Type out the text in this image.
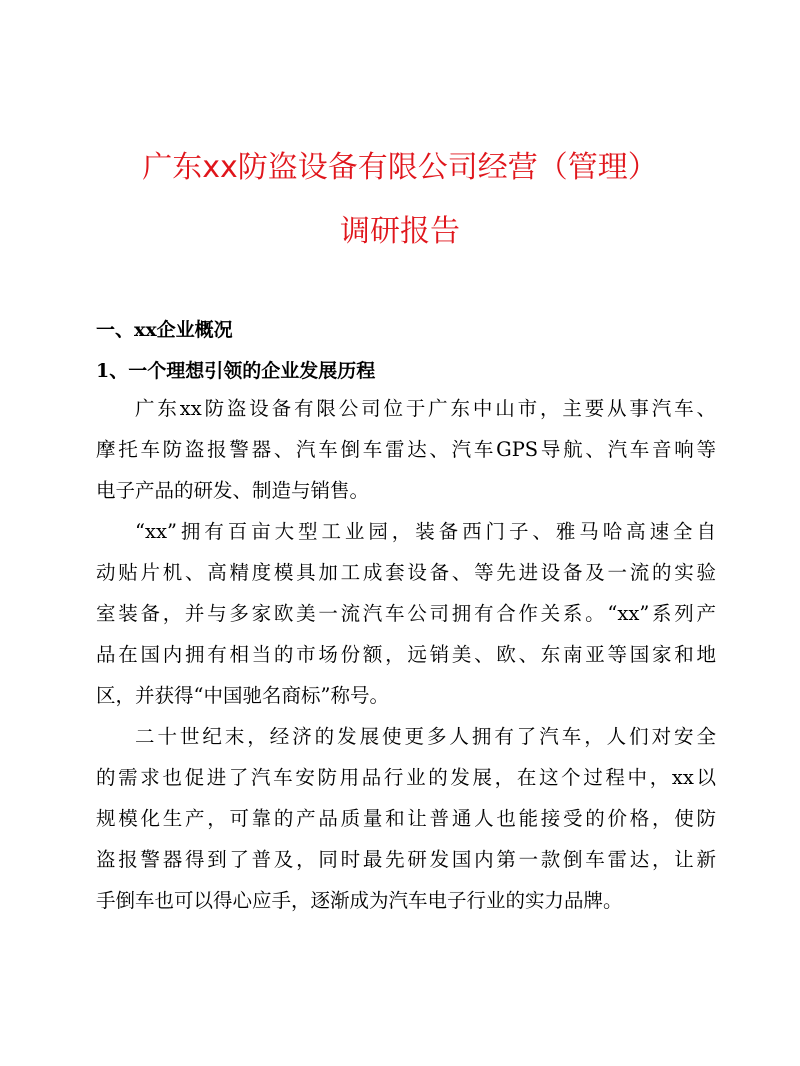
广东xx防盗设备有限公司经营（管理）
调研报告
一、xx企业概况
1、一个理想引领的企业发展历程
广东xx防盗设备有限公司位于广东中山市，主要从事汽车、
摩托车防盗报警器、汽车倒车雷达、汽车GPS导航、汽车音响等
电子产品的研发、制造与销售。
“xx”拥有百亩大型工业园，装备西门子、雅马哈高速全自
动贴片机、高精度模具加工成套设备、等先进设备及一流的实验
室装备，并与多家欧美一流汽车公司拥有合作关系。“xx”系列产
品在国内拥有相当的市场份额，远销美、欧、东南亚等国家和地
区，并获得“中国驰名商标”称号。
二十世纪末，经济的发展使更多人拥有了汽车，人们对安全
的需求也促进了汽车安防用品行业的发展，在这个过程中，xx以
规模化生产，可靠的产品质量和让普通人也能接受的价格，使防
盗报警器得到了普及，同时最先研发国内第一款倒车雷达，让新
手倒车也可以得心应手，逐渐成为汽车电子行业的实力品牌。
